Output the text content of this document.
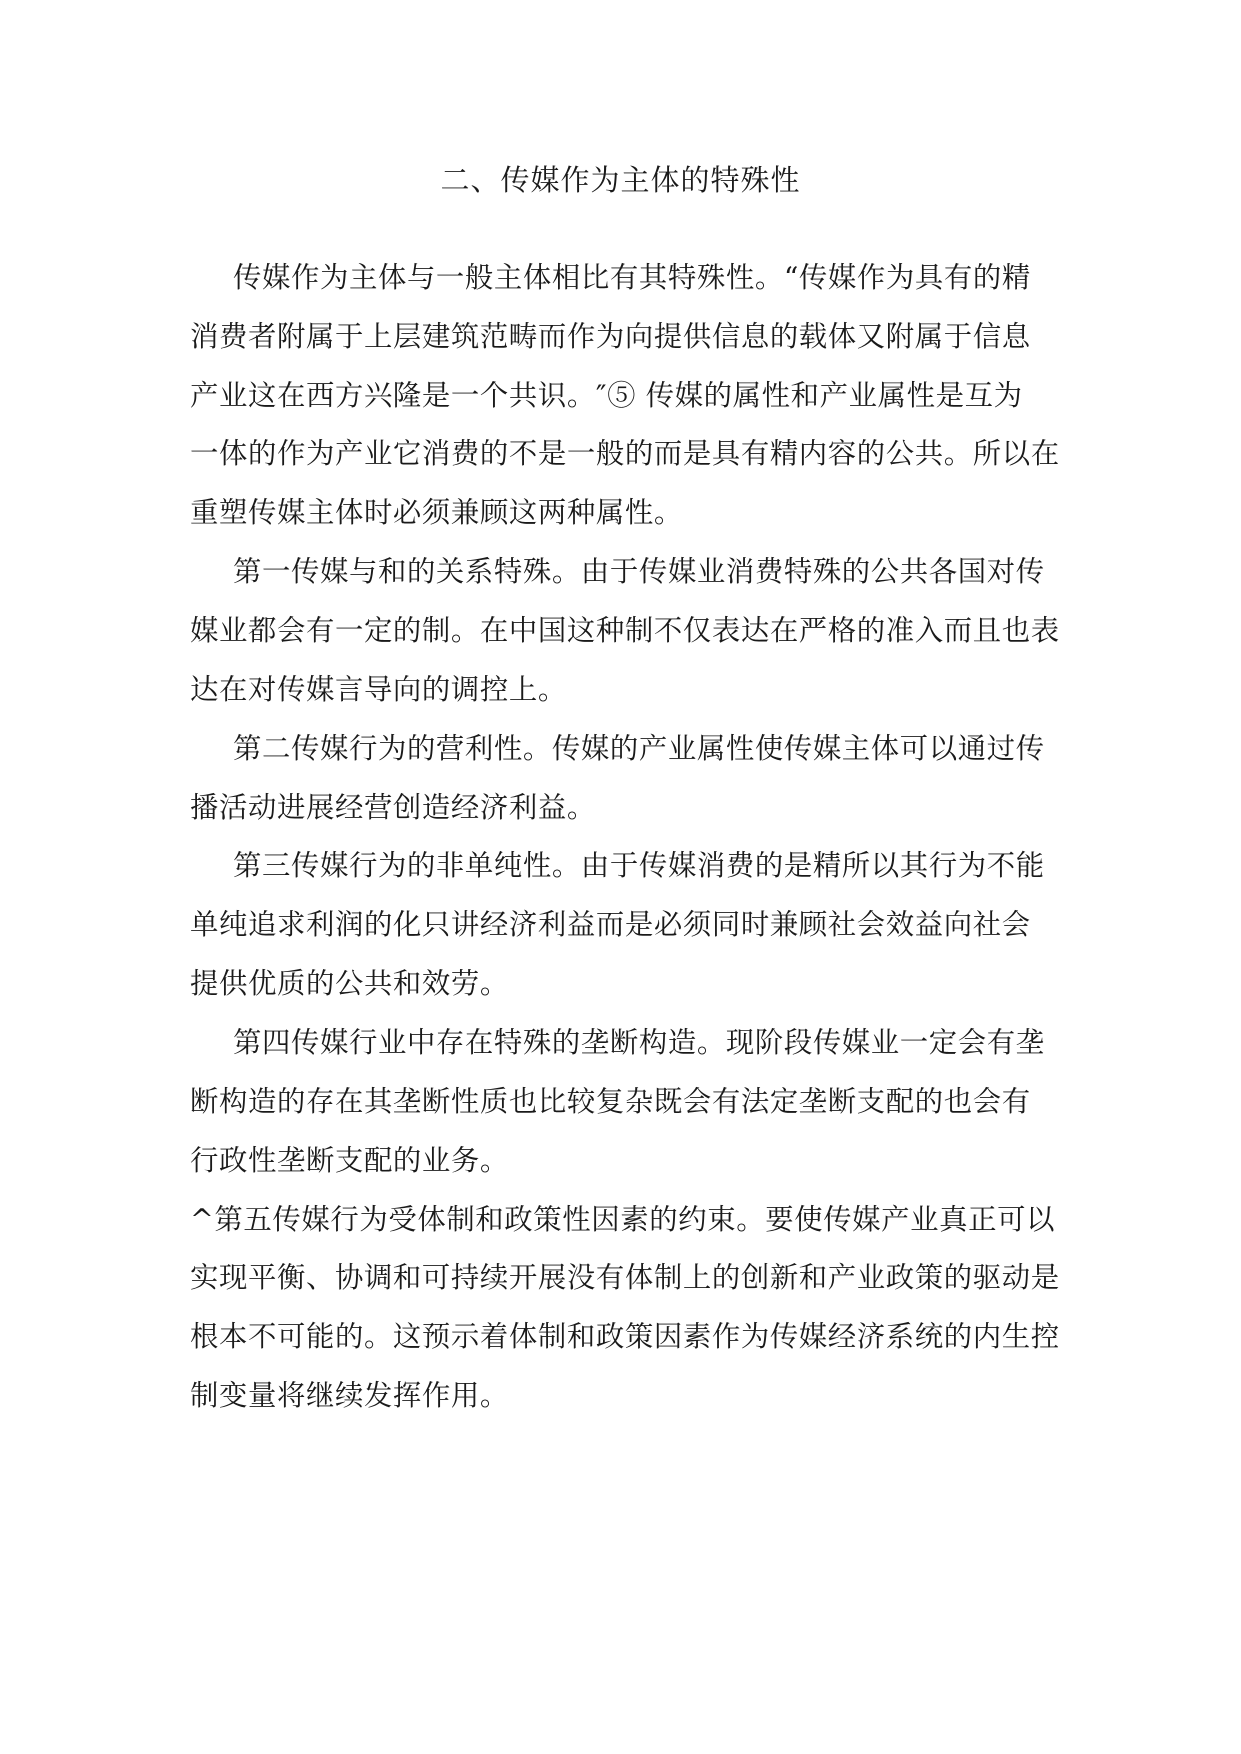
二、传媒作为主体的特殊性
传媒作为主体与一般主体相比有其特殊性。“传媒作为具有的精
消费者附属于上层建筑范畴而作为向提供信息的载体又附属于信息
产业这在西方兴隆是一个共识。″⑤ 传媒的属性和产业属性是互为
一体的作为产业它消费的不是一般的而是具有精内容的公共。所以在
重塑传媒主体时必须兼顾这两种属性。
第一传媒与和的关系特殊。由于传媒业消费特殊的公共各国对传
媒业都会有一定的制。在中国这种制不仅表达在严格的准入而且也表
达在对传媒言导向的调控上。
第二传媒行为的营利性。传媒的产业属性使传媒主体可以通过传
播活动进展经营创造经济利益。
第三传媒行为的非单纯性。由于传媒消费的是精所以其行为不能
单纯追求利润的化只讲经济利益而是必须同时兼顾社会效益向社会
提供优质的公共和效劳。
第四传媒行业中存在特殊的垄断构造。现阶段传媒业一定会有垄
断构造的存在其垄断性质也比较复杂既会有法定垄断支配的也会有
行政性垄断支配的业务。
^第五传媒行为受体制和政策性因素的约束。要使传媒产业真正可以
实现平衡、协调和可持续开展没有体制上的创新和产业政策的驱动是
根本不可能的。这预示着体制和政策因素作为传媒经济系统的内生控
制变量将继续发挥作用。
